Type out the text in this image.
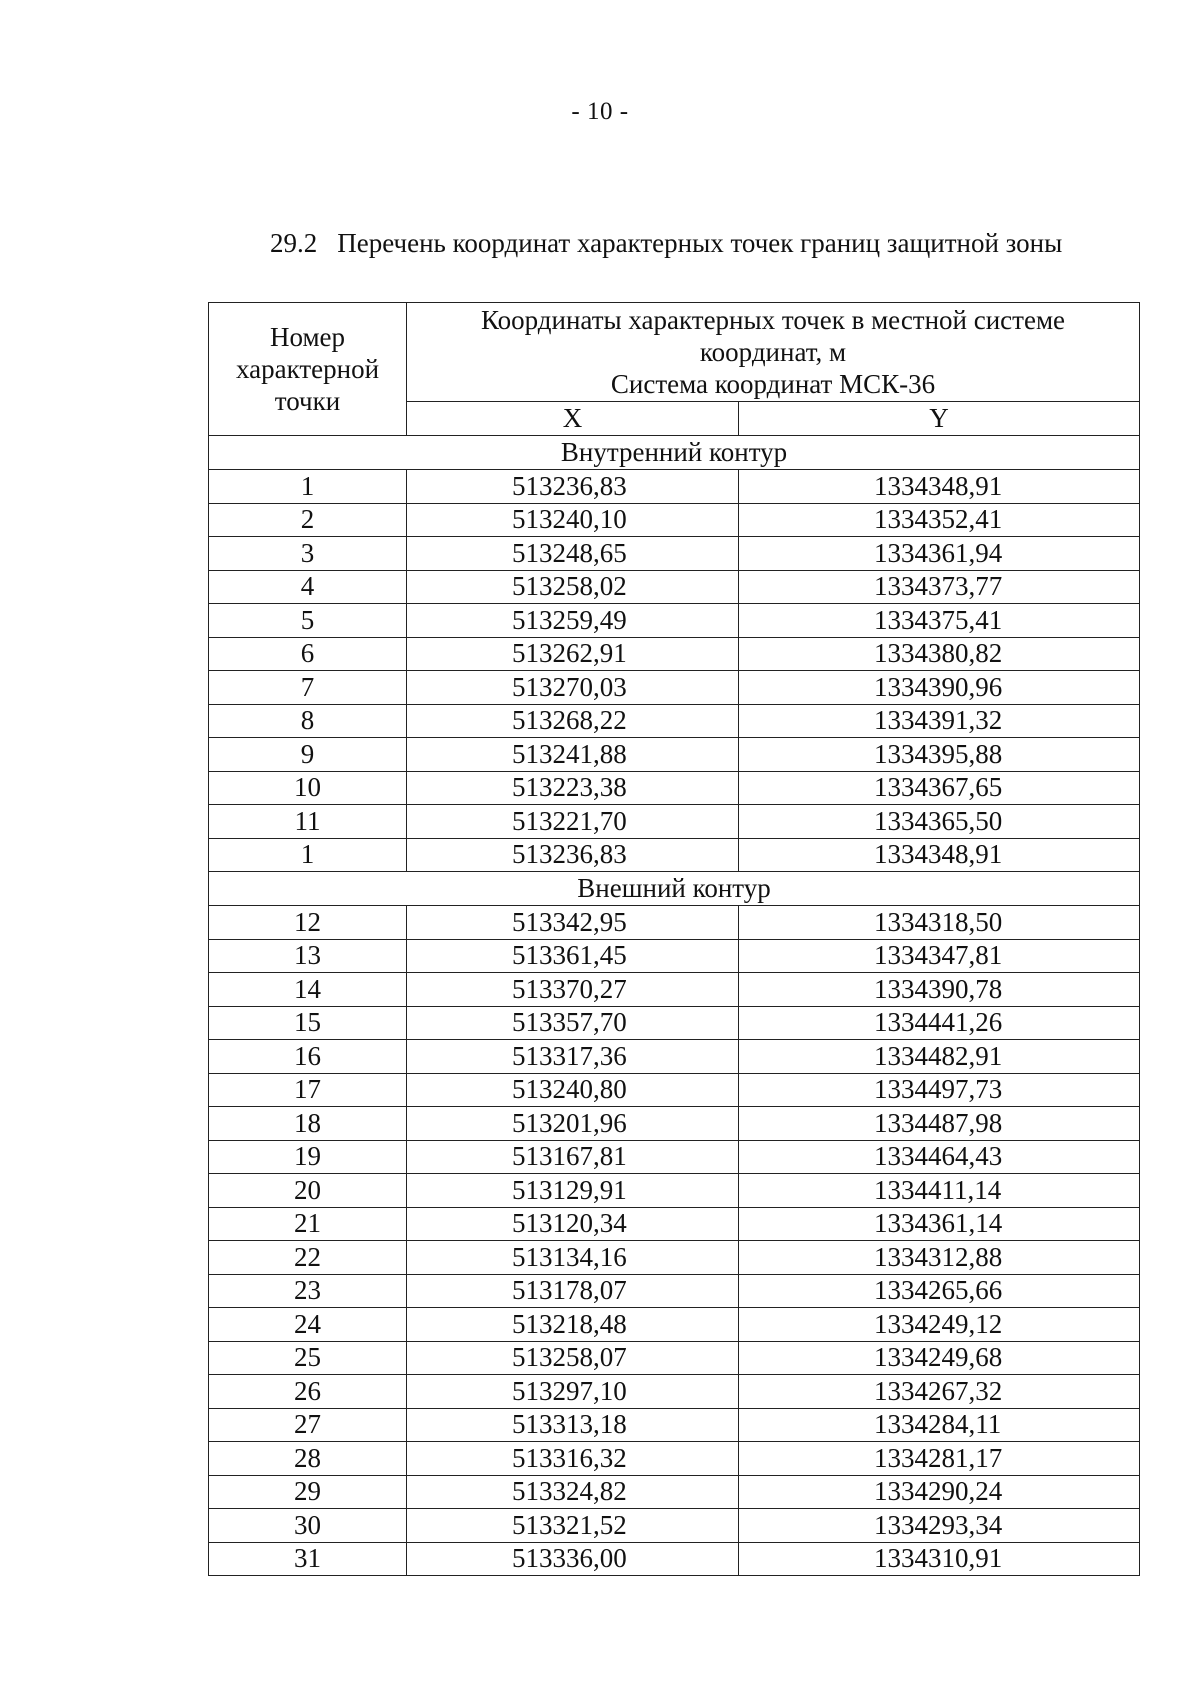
- 10 -
29.2 Перечень координат характерных точек границ защитной зоны
Номер характерной точки	Координаты характерных точек в местной системе
координат, м
Система координат МСК-36	

	X	Y
Внутренний контур		
1	513236,83	1334348,91
2	513240,10	1334352,41
3	513248,65	1334361,94
4	513258,02	1334373,77
5	513259,49	1334375,41
6	513262,91	1334380,82
7	513270,03	1334390,96
8	513268,22	1334391,32
9	513241,88	1334395,88
10	513223,38	1334367,65
11	513221,70	1334365,50
1	513236,83	1334348,91
Внешний контур		
12	513342,95	1334318,50
13	513361,45	1334347,81
14	513370,27	1334390,78
15	513357,70	1334441,26
16	513317,36	1334482,91
17	513240,80	1334497,73
18	513201,96	1334487,98
19	513167,81	1334464,43
20	513129,91	1334411,14
21	513120,34	1334361,14
22	513134,16	1334312,88
23	513178,07	1334265,66
24	513218,48	1334249,12
25	513258,07	1334249,68
26	513297,10	1334267,32
27	513313,18	1334284,11
28	513316,32	1334281,17
29	513324,82	1334290,24
30	513321,52	1334293,34
31	513336,00	1334310,91
